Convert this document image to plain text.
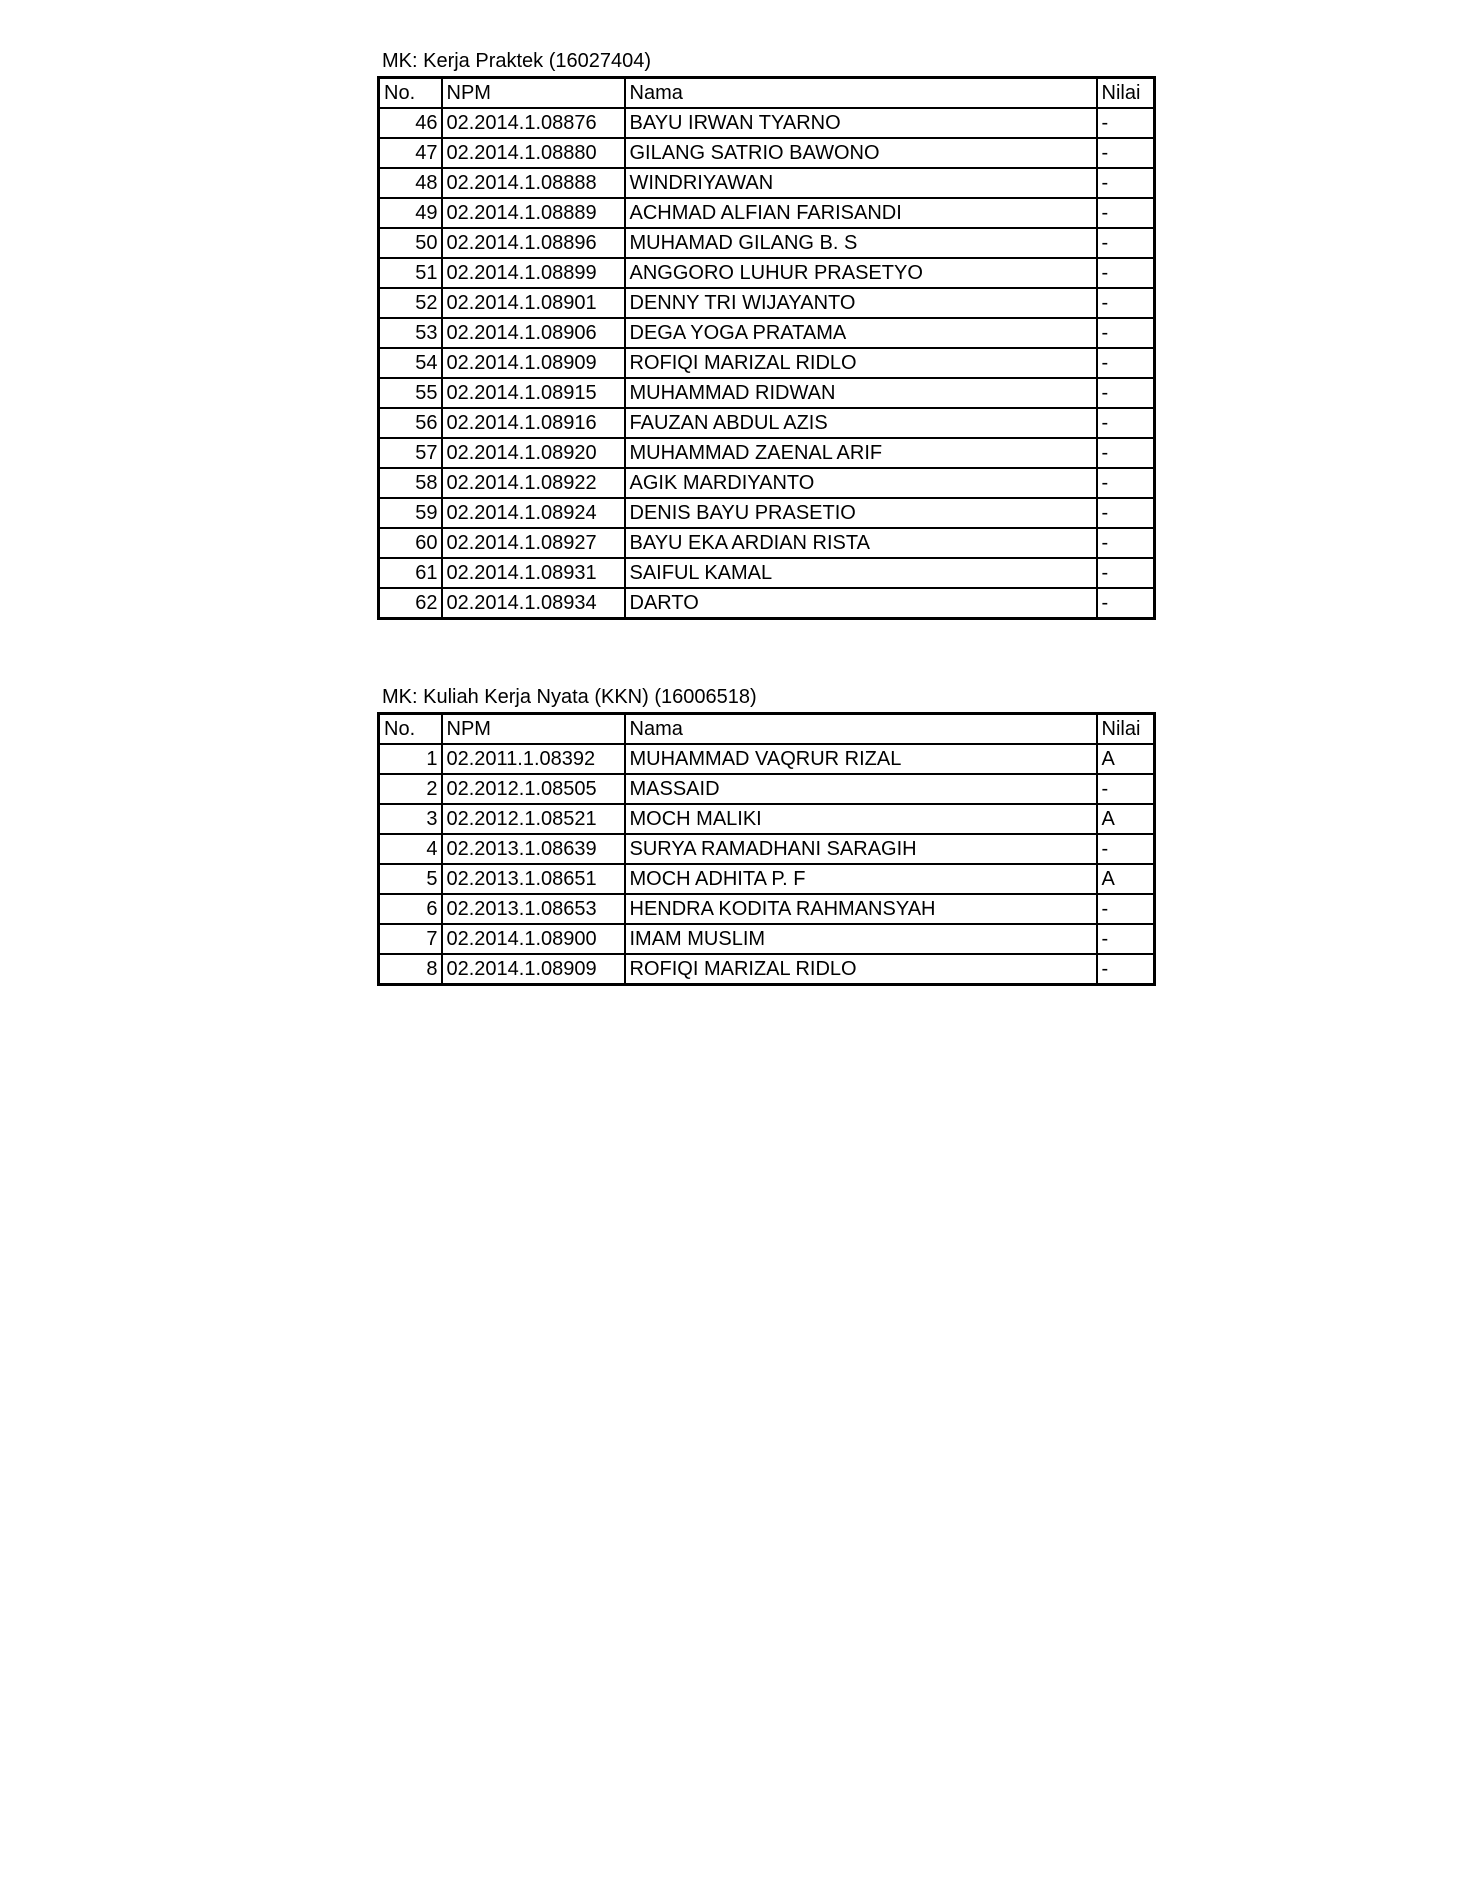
MK: Kerja Praktek (16027404)
No.	NPM	Nama	Nilai
46	02.2014.1.08876	BAYU IRWAN TYARNO	-
47	02.2014.1.08880	GILANG SATRIO BAWONO	-
48	02.2014.1.08888	WINDRIYAWAN	-
49	02.2014.1.08889	ACHMAD ALFIAN FARISANDI	-
50	02.2014.1.08896	MUHAMAD GILANG B. S	-
51	02.2014.1.08899	ANGGORO LUHUR PRASETYO	-
52	02.2014.1.08901	DENNY TRI WIJAYANTO	-
53	02.2014.1.08906	DEGA YOGA PRATAMA	-
54	02.2014.1.08909	ROFIQI MARIZAL RIDLO	-
55	02.2014.1.08915	MUHAMMAD RIDWAN	-
56	02.2014.1.08916	FAUZAN ABDUL AZIS	-
57	02.2014.1.08920	MUHAMMAD ZAENAL ARIF	-
58	02.2014.1.08922	AGIK MARDIYANTO	-
59	02.2014.1.08924	DENIS BAYU PRASETIO	-
60	02.2014.1.08927	BAYU EKA ARDIAN RISTA	-
61	02.2014.1.08931	SAIFUL KAMAL	-
62	02.2014.1.08934	DARTO	-
MK: Kuliah Kerja Nyata (KKN) (16006518)
No.	NPM	Nama	Nilai
1	02.2011.1.08392	MUHAMMAD VAQRUR RIZAL	A
2	02.2012.1.08505	MASSAID	-
3	02.2012.1.08521	MOCH MALIKI	A
4	02.2013.1.08639	SURYA RAMADHANI SARAGIH	-
5	02.2013.1.08651	MOCH ADHITA P. F	A
6	02.2013.1.08653	HENDRA KODITA RAHMANSYAH	-
7	02.2014.1.08900	IMAM MUSLIM	-
8	02.2014.1.08909	ROFIQI MARIZAL RIDLO	-
